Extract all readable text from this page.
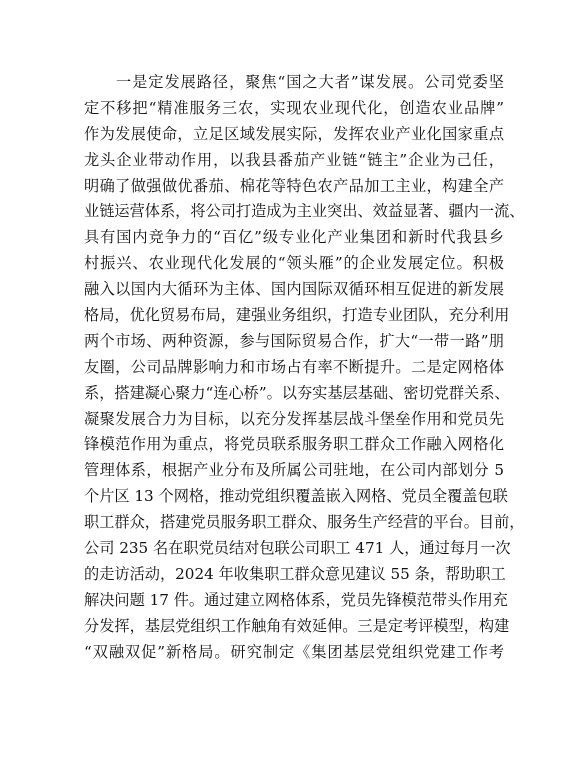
一是定发展路径，聚焦“国之大者”谋发展。公司党委坚
定不移把“精准服务三农，实现农业现代化，创造农业品牌”
作为发展使命，立足区域发展实际，发挥农业产业化国家重点
龙头企业带动作用，以我县番茄产业链“链主”企业为己任，
明确了做强做优番茄、棉花等特色农产品加工主业，构建全产
业链运营体系，将公司打造成为主业突出、效益显著、疆内一流、
具有国内竞争力的“百亿”级专业化产业集团和新时代我县乡
村振兴、农业现代化发展的“领头雁”的企业发展定位。积极
融入以国内大循环为主体、国内国际双循环相互促进的新发展
格局，优化贸易布局，建强业务组织，打造专业团队，充分利用
两个市场、两种资源，参与国际贸易合作，扩大“一带一路”朋
友圈，公司品牌影响力和市场占有率不断提升。二是定网格体
系，搭建凝心聚力“连心桥”。以夯实基层基础、密切党群关系、
凝聚发展合力为目标，以充分发挥基层战斗堡垒作用和党员先
锋模范作用为重点，将党员联系服务职工群众工作融入网格化
管理体系，根据产业分布及所属公司驻地，在公司内部划分 5
个片区 13 个网格，推动党组织覆盖嵌入网格、党员全覆盖包联
职工群众，搭建党员服务职工群众、服务生产经营的平台。目前，
公司 235 名在职党员结对包联公司职工 471 人，通过每月一次
的走访活动，2024 年收集职工群众意见建议 55 条，帮助职工
解决问题 17 件。通过建立网格体系，党员先锋模范带头作用充
分发挥，基层党组织工作触角有效延伸。三是定考评模型，构建
“双融双促”新格局。研究制定《集团基层党组织党建工作考
